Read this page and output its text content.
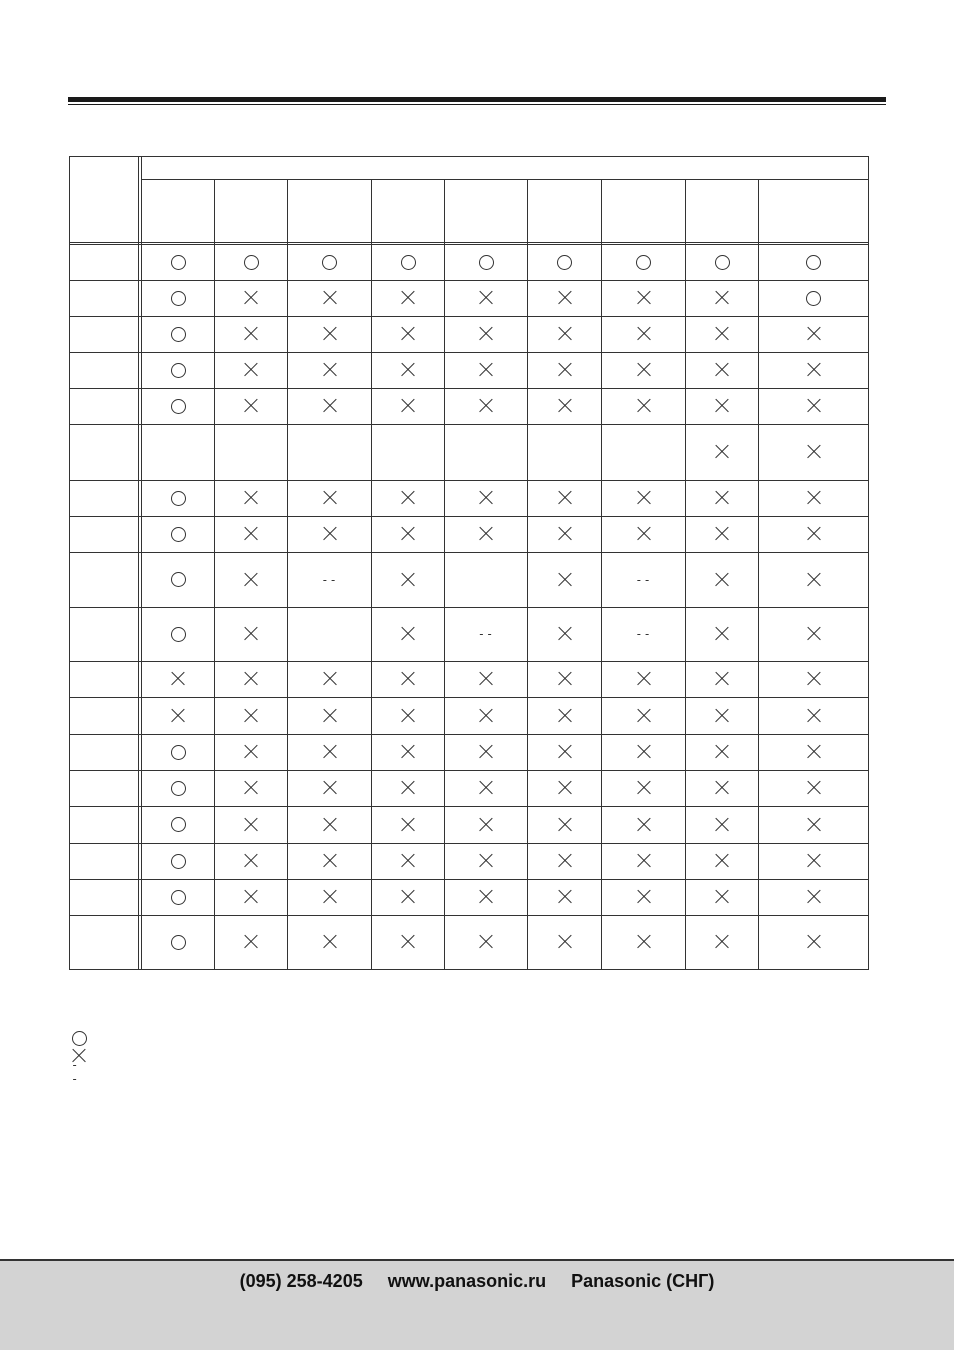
--	--
--	--
--
(095) 258-4205 www.panasonic.ru Panasonic (СНГ)
